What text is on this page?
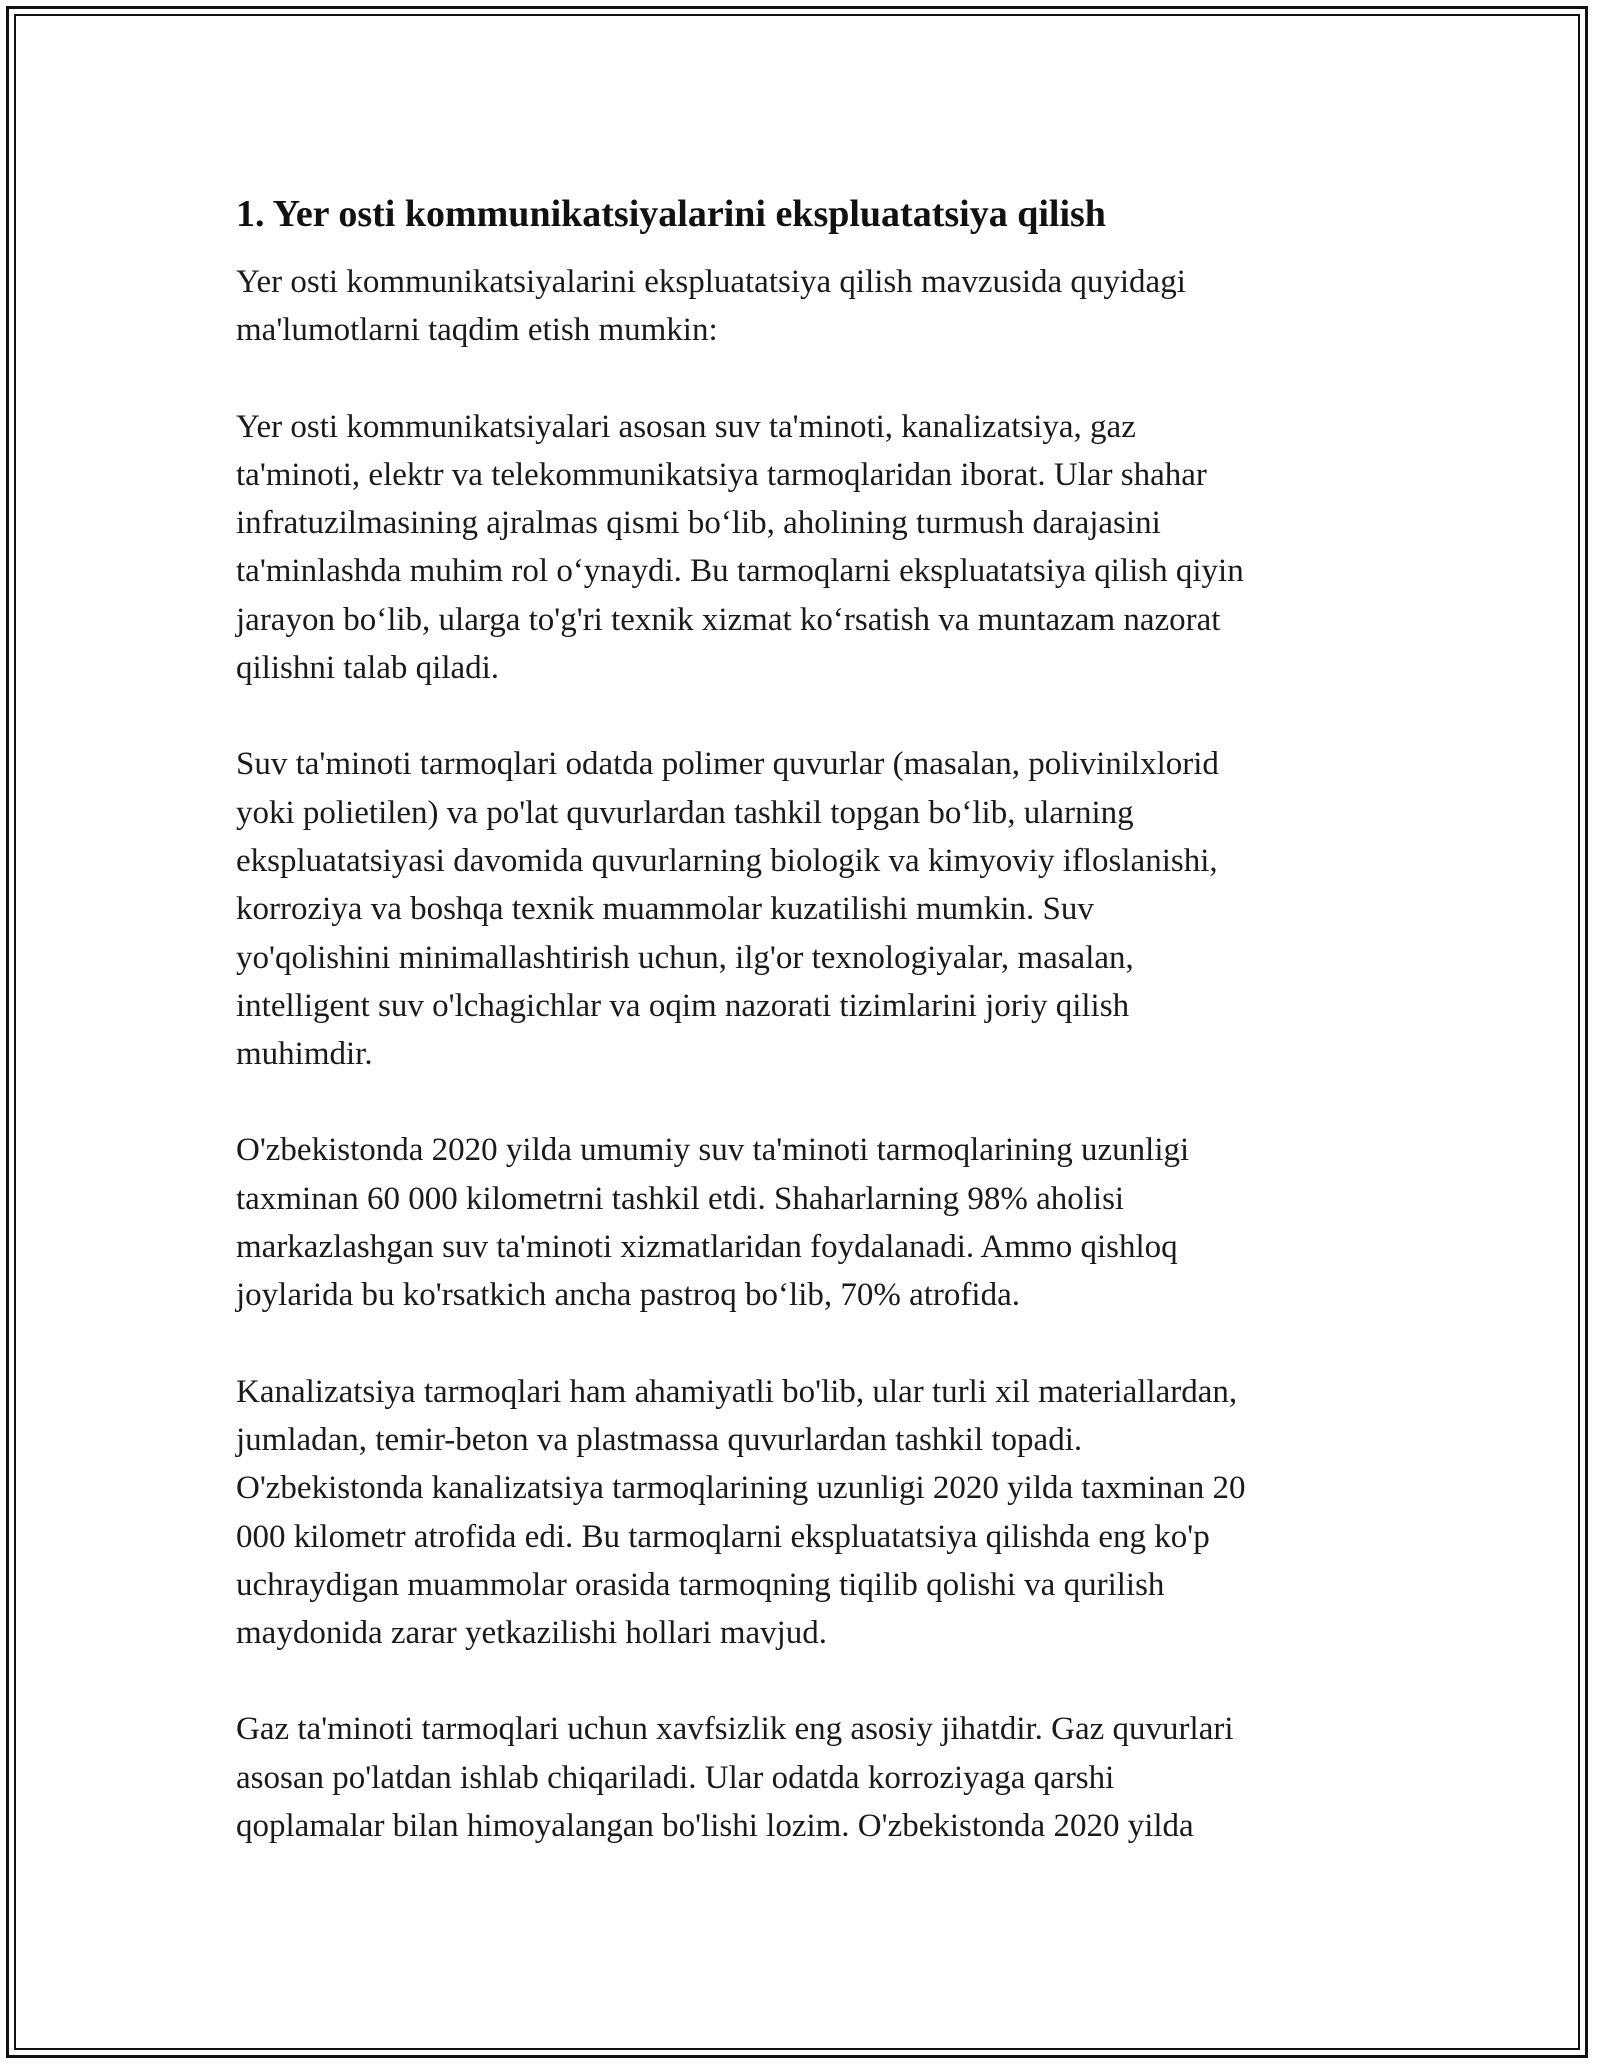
1. Yer osti kommunikatsiyalarini ekspluatatsiya qilish

Yer osti kommunikatsiyalarini ekspluatatsiya qilish mavzusida quyidagi
ma'lumotlarni taqdim etish mumkin:

Yer osti kommunikatsiyalari asosan suv ta'minoti, kanalizatsiya, gaz
ta'minoti, elektr va telekommunikatsiya tarmoqlaridan iborat. Ular shahar
infratuzilmasining ajralmas qismi bo‘lib, aholining turmush darajasini
ta'minlashda muhim rol o‘ynaydi. Bu tarmoqlarni ekspluatatsiya qilish qiyin
jarayon bo‘lib, ularga to'g'ri texnik xizmat ko‘rsatish va muntazam nazorat
qilishni talab qiladi.

Suv ta'minoti tarmoqlari odatda polimer quvurlar (masalan, polivinilxlorid
yoki polietilen) va po'lat quvurlardan tashkil topgan bo‘lib, ularning
ekspluatatsiyasi davomida quvurlarning biologik va kimyoviy ifloslanishi,
korroziya va boshqa texnik muammolar kuzatilishi mumkin. Suv
yo'qolishini minimallashtirish uchun, ilg'or texnologiyalar, masalan,
intelligent suv o'lchagichlar va oqim nazorati tizimlarini joriy qilish
muhimdir.

O'zbekistonda 2020 yilda umumiy suv ta'minoti tarmoqlarining uzunligi
taxminan 60 000 kilometrni tashkil etdi. Shaharlarning 98% aholisi
markazlashgan suv ta'minoti xizmatlaridan foydalanadi. Ammo qishloq
joylarida bu ko'rsatkich ancha pastroq bo‘lib, 70% atrofida.

Kanalizatsiya tarmoqlari ham ahamiyatli bo'lib, ular turli xil materiallardan,
jumladan, temir-beton va plastmassa quvurlardan tashkil topadi.
O'zbekistonda kanalizatsiya tarmoqlarining uzunligi 2020 yilda taxminan 20
000 kilometr atrofida edi. Bu tarmoqlarni ekspluatatsiya qilishda eng ko'p
uchraydigan muammolar orasida tarmoqning tiqilib qolishi va qurilish
maydonida zarar yetkazilishi hollari mavjud.

Gaz ta'minoti tarmoqlari uchun xavfsizlik eng asosiy jihatdir. Gaz quvurlari
asosan po'latdan ishlab chiqariladi. Ular odatda korroziyaga qarshi
qoplamalar bilan himoyalangan bo'lishi lozim. O'zbekistonda 2020 yilda
